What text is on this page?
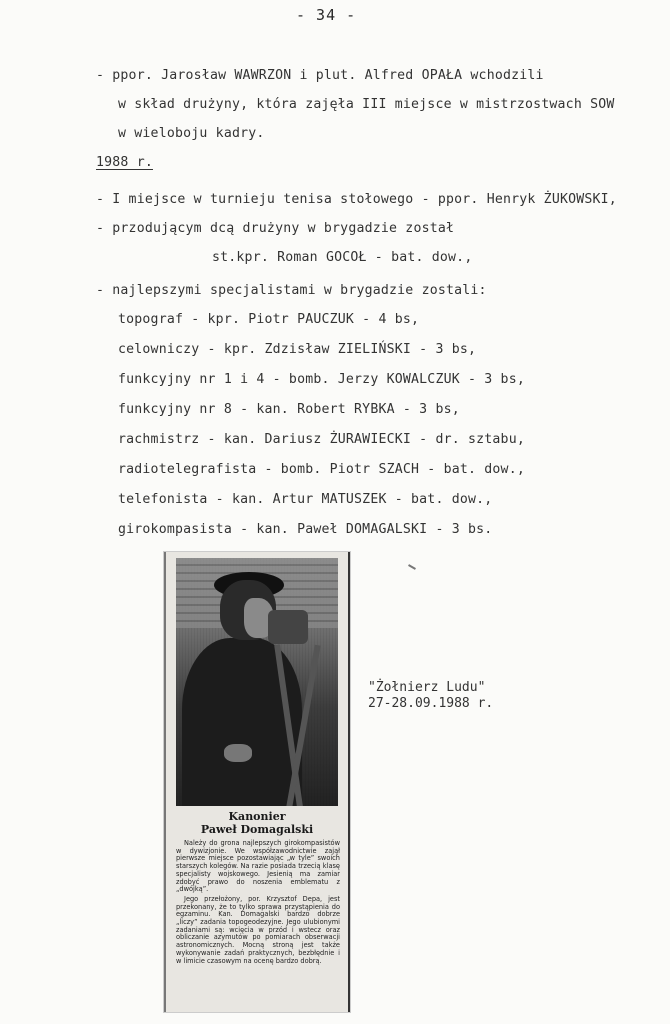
- 34 -
- ppor. Jarosław WAWRZON i plut. Alfred OPAŁA wchodzili
w skład drużyny, która zajęła III miejsce w mistrzostwach SOW
w wieloboju kadry.
1988 r.
- I miejsce w turnieju tenisa stołowego - ppor. Henryk ŻUKOWSKI,
- przodującym dcą drużyny w brygadzie został
st.kpr. Roman GOCOŁ - bat. dow.,
- najlepszymi specjalistami w brygadzie zostali:
topograf - kpr. Piotr PAUCZUK - 4 bs,
celowniczy - kpr. Zdzisław ZIELIŃSKI - 3 bs,
funkcyjny nr 1 i 4 - bomb. Jerzy KOWALCZUK - 3 bs,
funkcyjny nr 8 - kan. Robert RYBKA - 3 bs,
rachmistrz - kan. Dariusz ŻURAWIECKI - dr. sztabu,
radiotelegrafista - bomb. Piotr SZACH - bat. dow.,
telefonista - kan. Artur MATUSZEK - bat. dow.,
girokompasista - kan. Paweł DOMAGALSKI - 3 bs.
Kanonier
Paweł Domagalski

Należy do grona najlepszych girokompasistów w dywizjonie. We współzawodnictwie zajął pierwsze miejsce pozostawiając „w tyle” swoich starszych kolegów. Na razie posiada trzecią klasę specjalisty wojskowego. Jesienią ma zamiar zdobyć prawo do noszenia emblematu z „dwójką”.

Jego przełożony, por. Krzysztof Depa, jest przekonany, że to tylko sprawa przystąpienia do egzaminu. Kan. Domagalski bardzo dobrze „liczy” zadania topogeodezyjne. Jego ulubionymi zadaniami są: wcięcia w przód i wstecz oraz obliczanie azymutów po pomiarach obserwacji astronomicznych. Mocną stroną jest także wykonywanie zadań praktycznych, bezbłędnie i w limicie czasowym na ocenę bardzo dobrą.

"Żołnierz Ludu"
27-28.09.1988 r.
